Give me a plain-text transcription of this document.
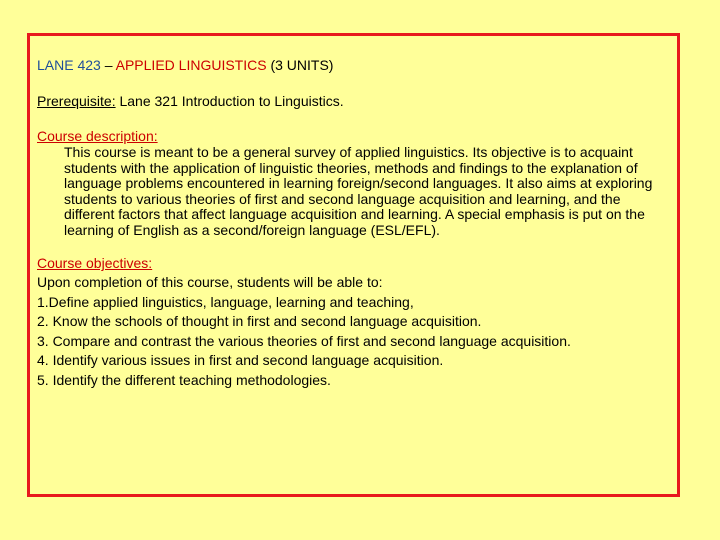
LANE 423 – APPLIED LINGUISTICS (3 UNITS)

Prerequisite: Lane 321 Introduction to Linguistics.

Course description:

This course is meant to be a general survey of applied linguistics. Its objective is to acquaint students with the application of linguistic theories, methods and findings to the explanation of language problems encountered in learning foreign/second languages. It also aims at exploring students to various theories of first and second language acquisition and learning, and the different factors that affect language acquisition and learning. A special emphasis is put on the learning of English as a second/foreign language (ESL/EFL).

Course objectives:

Upon completion of this course, students will be able to:

1.Define applied linguistics, language, learning and teaching,

2. Know the schools of thought in first and second language acquisition.

3. Compare and contrast the various theories of first and second language acquisition.

4. Identify various issues in first and second language acquisition.

5. Identify the different teaching methodologies.
